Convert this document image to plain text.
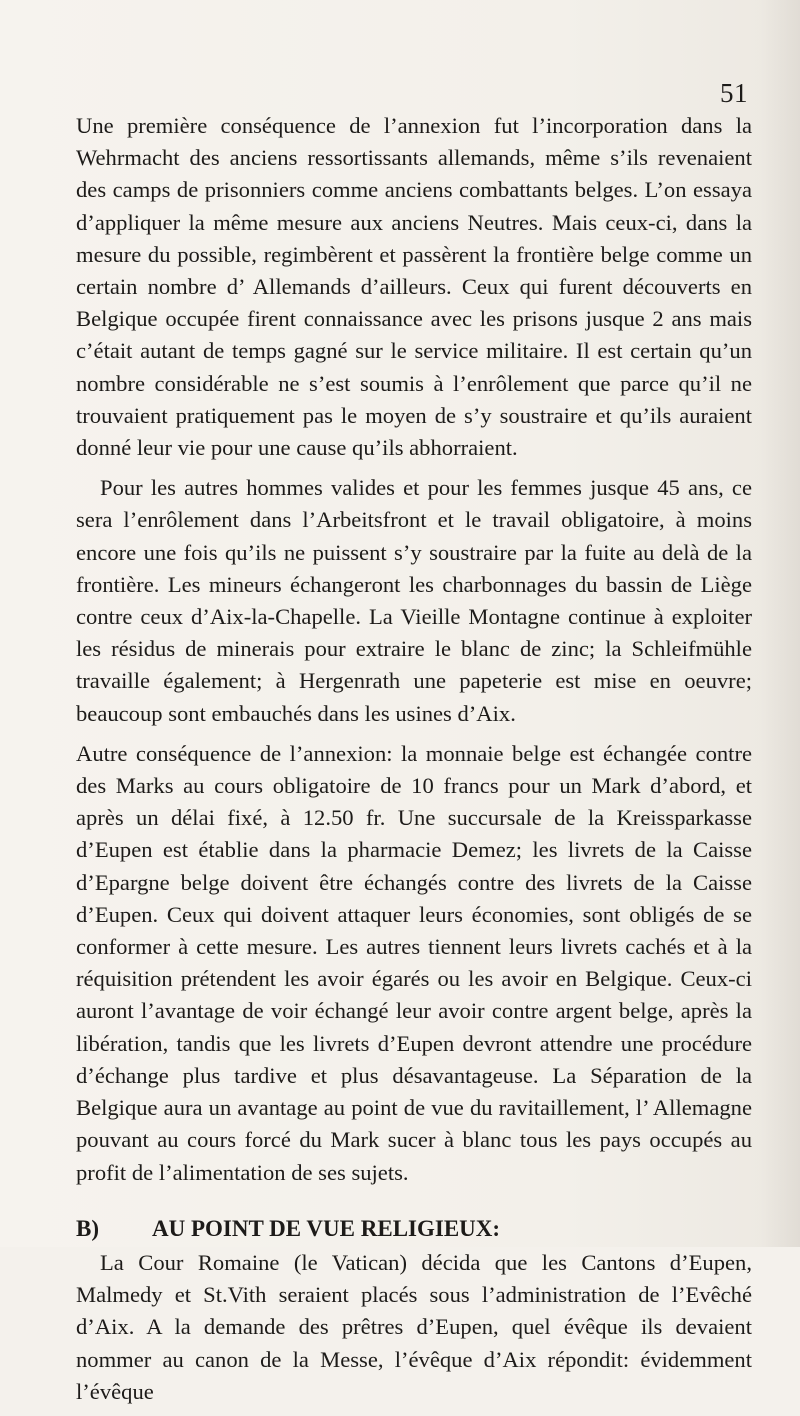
51

Une première conséquence de l’annexion fut l’incorporation dans la Wehrmacht des anciens ressortissants allemands, même s’ils revenaient des camps de prisonniers comme anciens combattants belges. L’on essaya d’appliquer la même mesure aux anciens Neutres. Mais ceux-ci, dans la mesure du possible, regimbèrent et passèrent la frontière belge comme un certain nombre d’ Allemands d’ailleurs. Ceux qui furent découverts en Belgique occupée firent connaissance avec les prisons jusque 2 ans mais c’était autant de temps gagné sur le service militaire. Il est certain qu’un nombre considérable ne s’est soumis à l’enrôlement que parce qu’il ne trouvaient pratiquement pas le moyen de s’y soustraire et qu’ils auraient donné leur vie pour une cause qu’ils abhorraient.

Pour les autres hommes valides et pour les femmes jusque 45 ans, ce sera l’enrôlement dans l’Arbeitsfront et le travail obligatoire, à moins encore une fois qu’ils ne puissent s’y soustraire par la fuite au delà de la frontière. Les mineurs échangeront les charbonnages du bassin de Liège contre ceux d’Aix-la-Chapelle. La Vieille Montagne continue à exploiter les résidus de minerais pour extraire le blanc de zinc; la Schleifmühle travaille également; à Hergenrath une papeterie est mise en oeuvre; beaucoup sont embauchés dans les usines d’Aix.

Autre conséquence de l’annexion: la monnaie belge est échangée contre des Marks au cours obligatoire de 10 francs pour un Mark d’abord, et après un délai fixé, à 12.50 fr. Une succursale de la Kreissparkasse d’Eupen est établie dans la pharmacie Demez; les livrets de la Caisse d’Epargne belge doivent être échangés contre des livrets de la Caisse d’Eupen. Ceux qui doivent attaquer leurs économies, sont obligés de se conformer à cette mesure. Les autres tiennent leurs livrets cachés et à la réquisition prétendent les avoir égarés ou les avoir en Belgique. Ceux-ci auront l’avantage de voir échangé leur avoir contre argent belge, après la libération, tandis que les livrets d’Eupen devront attendre une procédure d’échange plus tardive et plus désavantageuse. La Séparation de la Belgique aura un avantage au point de vue du ravitaillement, l’ Allemagne pouvant au cours forcé du Mark sucer à blanc tous les pays occupés au profit de l’alimentation de ses sujets.

B)	AU POINT DE VUE RELIGIEUX:

La Cour Romaine (le Vatican) décida que les Cantons d’Eupen, Malmedy et St.Vith seraient placés sous l’administration de l’Evêché d’Aix. A la demande des prêtres d’Eupen, quel évêque ils devaient nommer au canon de la Messe, l’évêque d’Aix répondit: évidemment l’évêque
